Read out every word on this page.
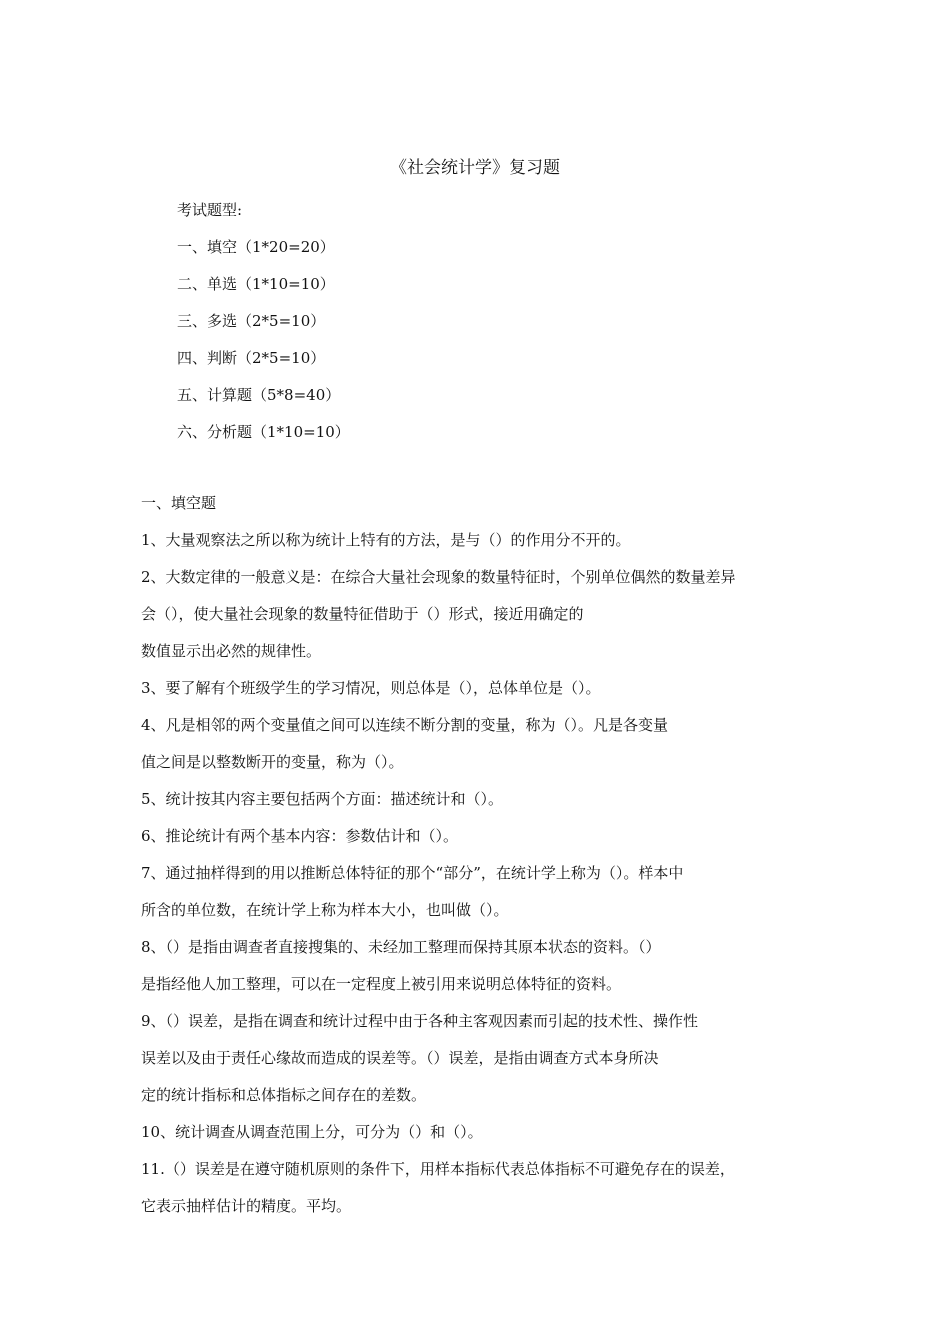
《社会统计学》复习题
考试题型:
一、填空（1*20=20）
二、单选（1*10=10）
三、多选（2*5=10）
四、判断（2*5=10）
五、计算题（5*8=40）
六、分析题（1*10=10）
一、填空题
1、大量观察法之所以称为统计上特有的方法，是与（）的作用分不开的。
2、大数定律的一般意义是：在综合大量社会现象的数量特征时，个别单位偶然的数量差异
会（），使大量社会现象的数量特征借助于（）形式，接近用确定的
数值显示出必然的规律性。
3、要了解有个班级学生的学习情况，则总体是（），总体单位是（）。
4、凡是相邻的两个变量值之间可以连续不断分割的变量，称为（）。凡是各变量
值之间是以整数断开的变量，称为（）。
5、统计按其内容主要包括两个方面：描述统计和（）。
6、推论统计有两个基本内容：参数估计和（）。
7、通过抽样得到的用以推断总体特征的那个“部分”，在统计学上称为（）。样本中
所含的单位数，在统计学上称为样本大小，也叫做（）。
8、（）是指由调查者直接搜集的、未经加工整理而保持其原本状态的资料。（）
是指经他人加工整理，可以在一定程度上被引用来说明总体特征的资料。
9、（）误差，是指在调查和统计过程中由于各种主客观因素而引起的技术性、操作性
误差以及由于责任心缘故而造成的误差等。（）误差，是指由调查方式本身所决
定的统计指标和总体指标之间存在的差数。
10、统计调查从调查范围上分，可分为（）和（）。
11.（）误差是在遵守随机原则的条件下，用样本指标代表总体指标不可避免存在的误差，
它表示抽样估计的精度。平均。
